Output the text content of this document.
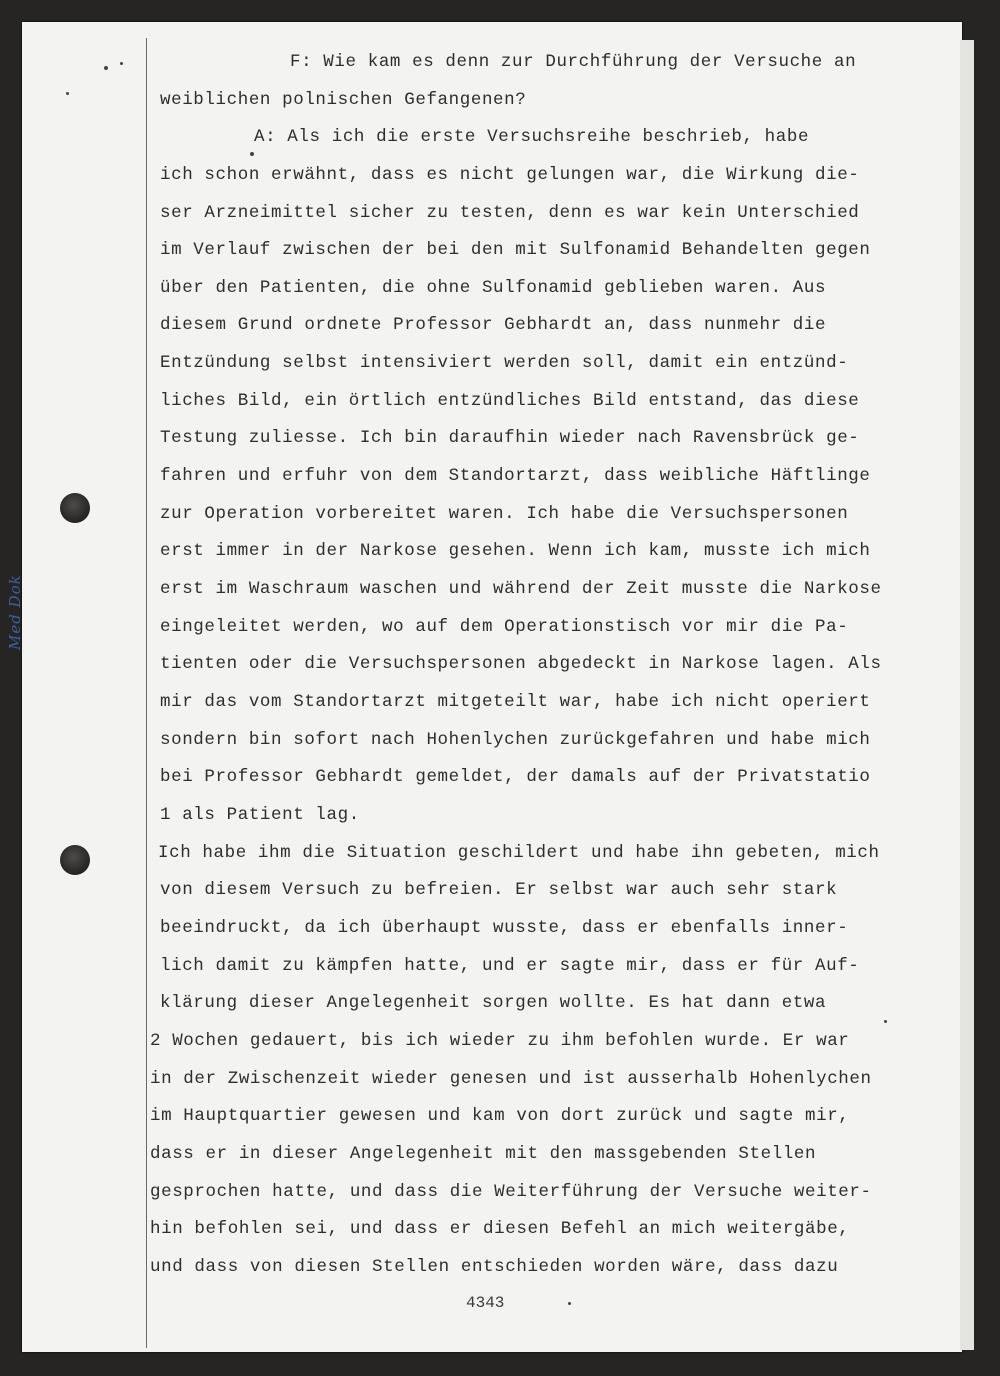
Med Dok
F: Wie kam es denn zur Durchführung der Versuche an
weiblichen polnischen Gefangenen?
A: Als ich die erste Versuchsreihe beschrieb, habe
ich schon erwähnt, dass es nicht gelungen war, die Wirkung die-
ser Arzneimittel sicher zu testen, denn es war kein Unterschied
im Verlauf zwischen der bei den mit Sulfonamid Behandelten gegen
über den Patienten, die ohne Sulfonamid geblieben waren. Aus
diesem Grund ordnete Professor Gebhardt an, dass nunmehr die
Entzündung selbst intensiviert werden soll, damit ein entzünd-
liches Bild, ein örtlich entzündliches Bild entstand, das diese
Testung zuliesse. Ich bin daraufhin wieder nach Ravensbrück ge-
fahren und erfuhr von dem Standortarzt, dass weibliche Häftlinge
zur Operation vorbereitet waren. Ich habe die Versuchspersonen
erst immer in der Narkose gesehen. Wenn ich kam, musste ich mich
erst im Waschraum waschen und während der Zeit musste die Narkose
eingeleitet werden, wo auf dem Operationstisch vor mir die Pa-
tienten oder die Versuchspersonen abgedeckt in Narkose lagen. Als
mir das vom Standortarzt mitgeteilt war, habe ich nicht operiert
sondern bin sofort nach Hohenlychen zurückgefahren und habe mich
bei Professor Gebhardt gemeldet, der damals auf der Privatstatio
1 als Patient lag.
Ich habe ihm die Situation geschildert und habe ihn gebeten, mich
von diesem Versuch zu befreien. Er selbst war auch sehr stark
beeindruckt, da ich überhaupt wusste, dass er ebenfalls inner-
lich damit zu kämpfen hatte, und er sagte mir, dass er für Auf-
klärung dieser Angelegenheit sorgen wollte. Es hat dann etwa
2 Wochen gedauert, bis ich wieder zu ihm befohlen wurde. Er war
in der Zwischenzeit wieder genesen und ist ausserhalb Hohenlychen
im Hauptquartier gewesen und kam von dort zurück und sagte mir,
dass er in dieser Angelegenheit mit den massgebenden Stellen
gesprochen hatte, und dass die Weiterführung der Versuche weiter-
hin befohlen sei, und dass er diesen Befehl an mich weitergäbe,
und dass von diesen Stellen entschieden worden wäre, dass dazu
4343
